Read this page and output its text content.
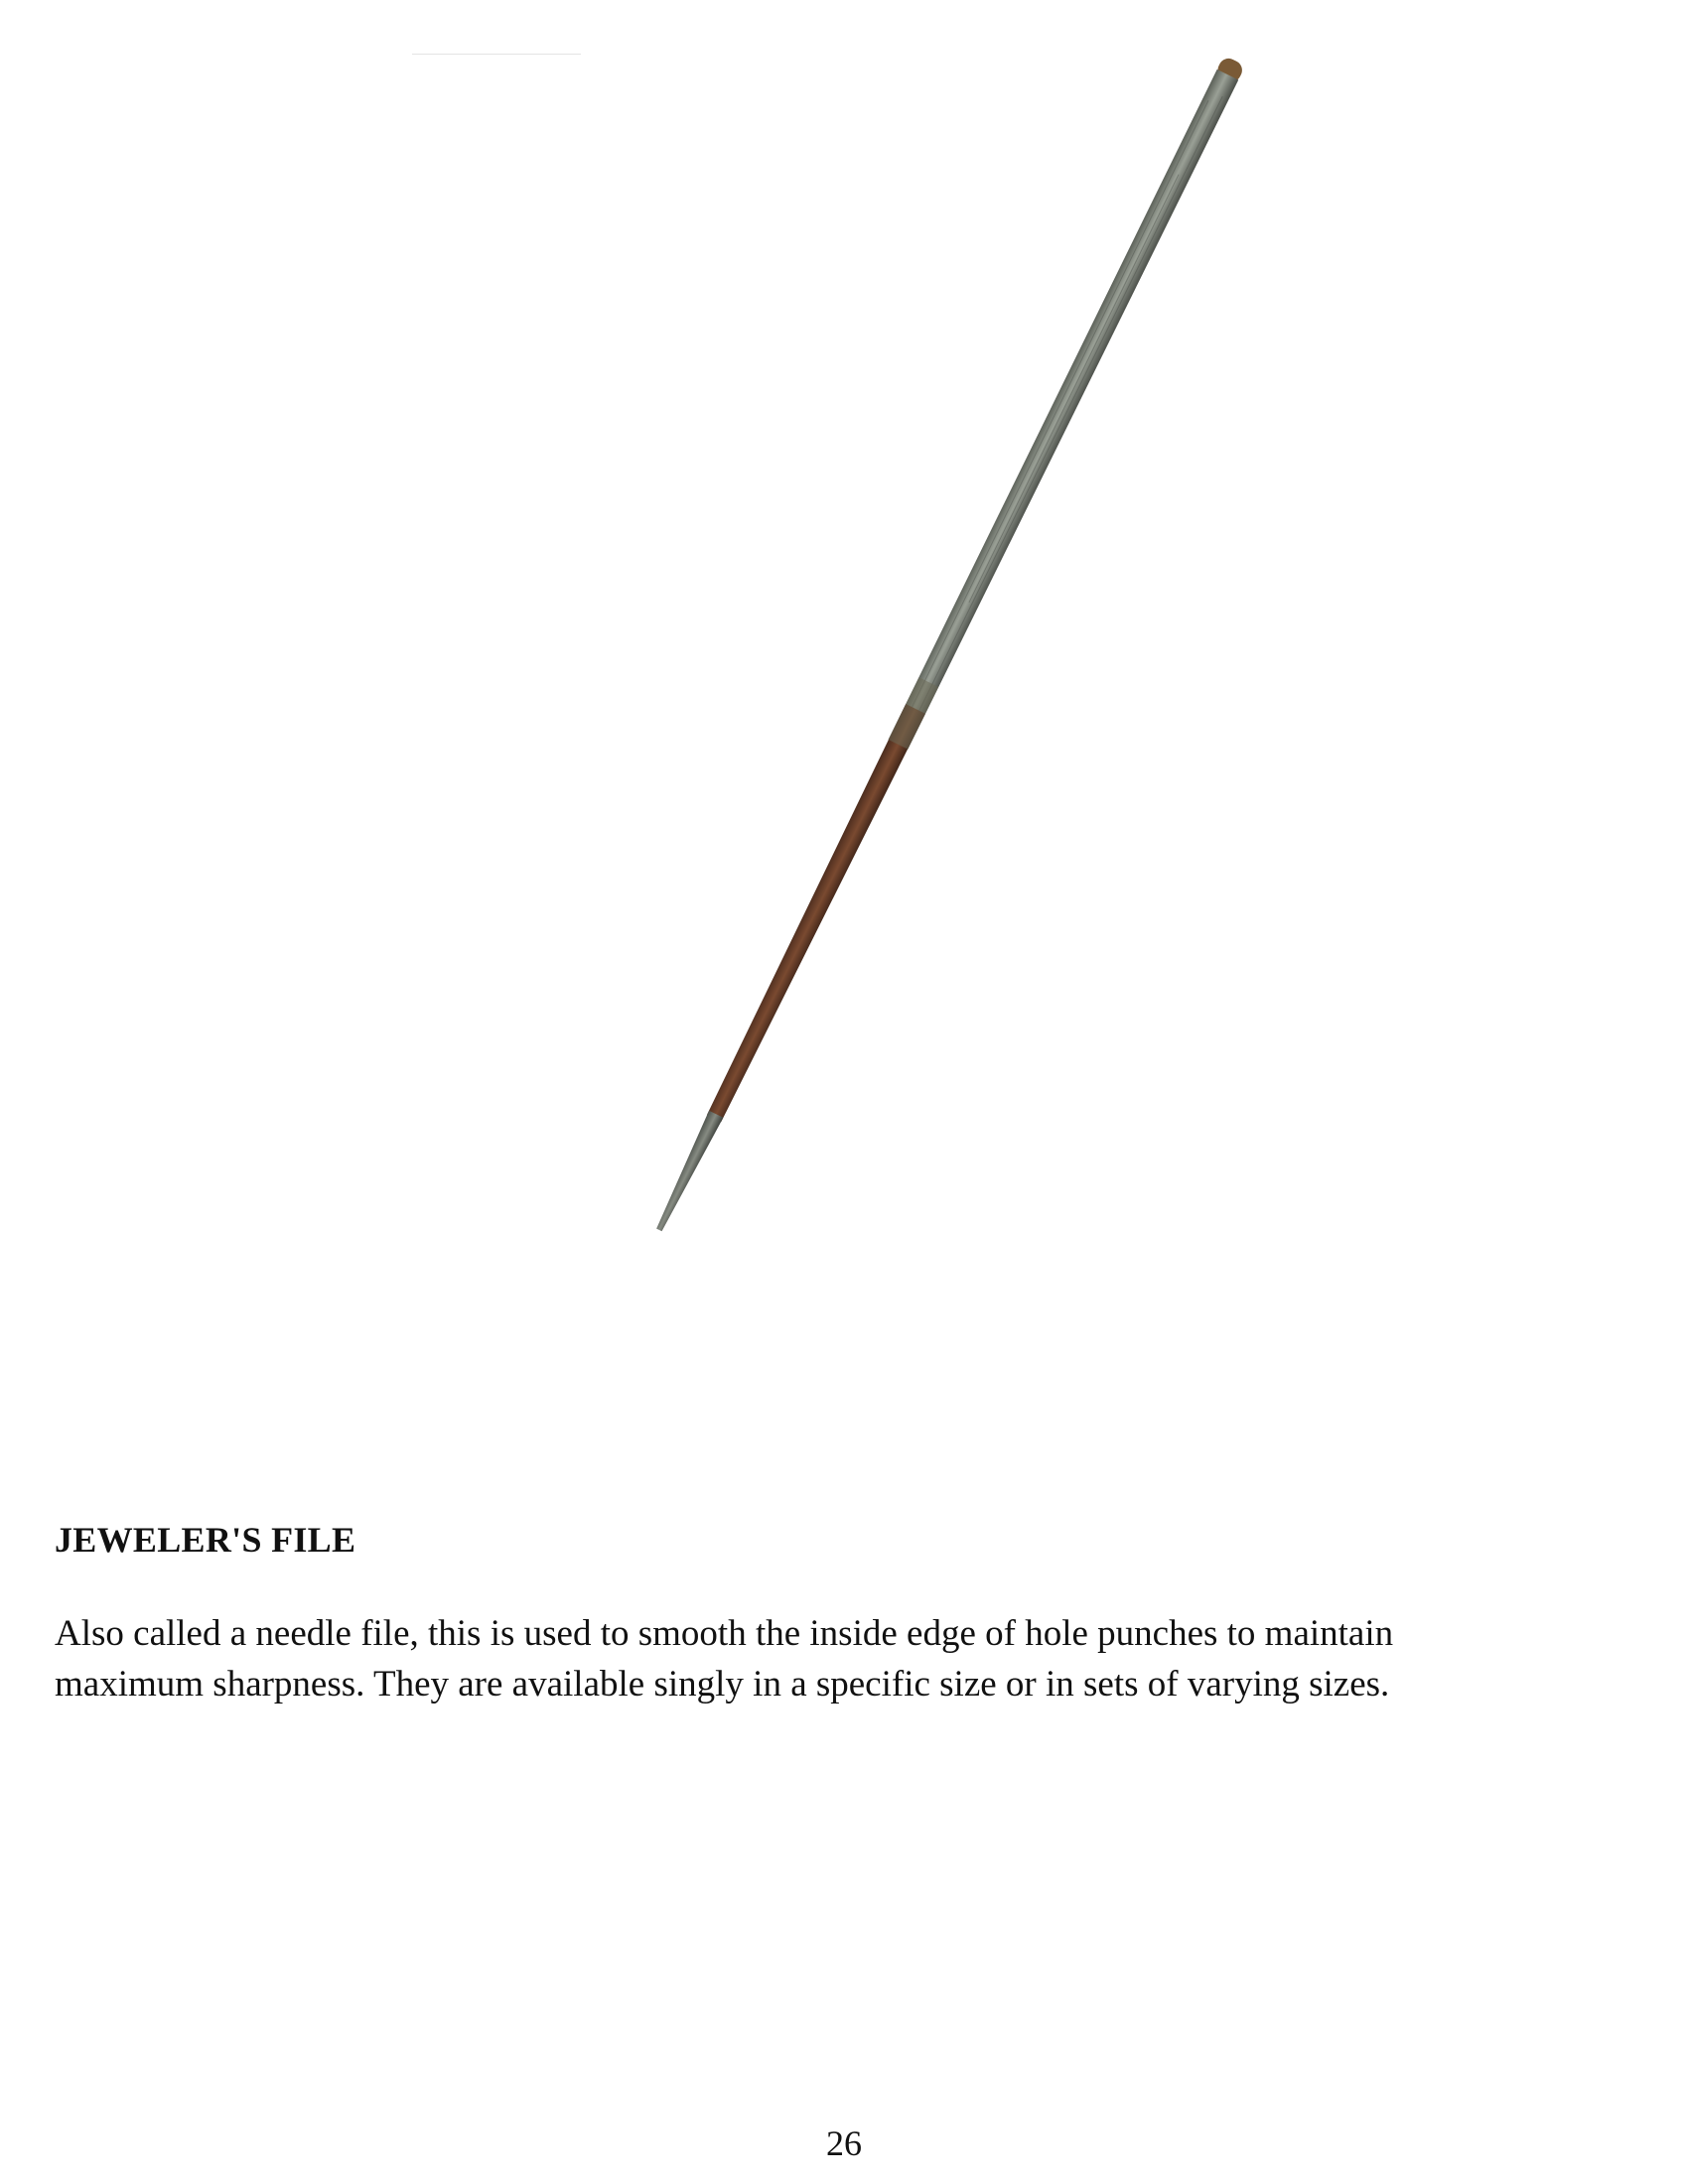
JEWELER'S FILE

Also called a needle file, this is used to smooth the inside edge of hole punches to maintain
maximum sharpness. They are available singly in a specific size or in sets of varying sizes.

26
